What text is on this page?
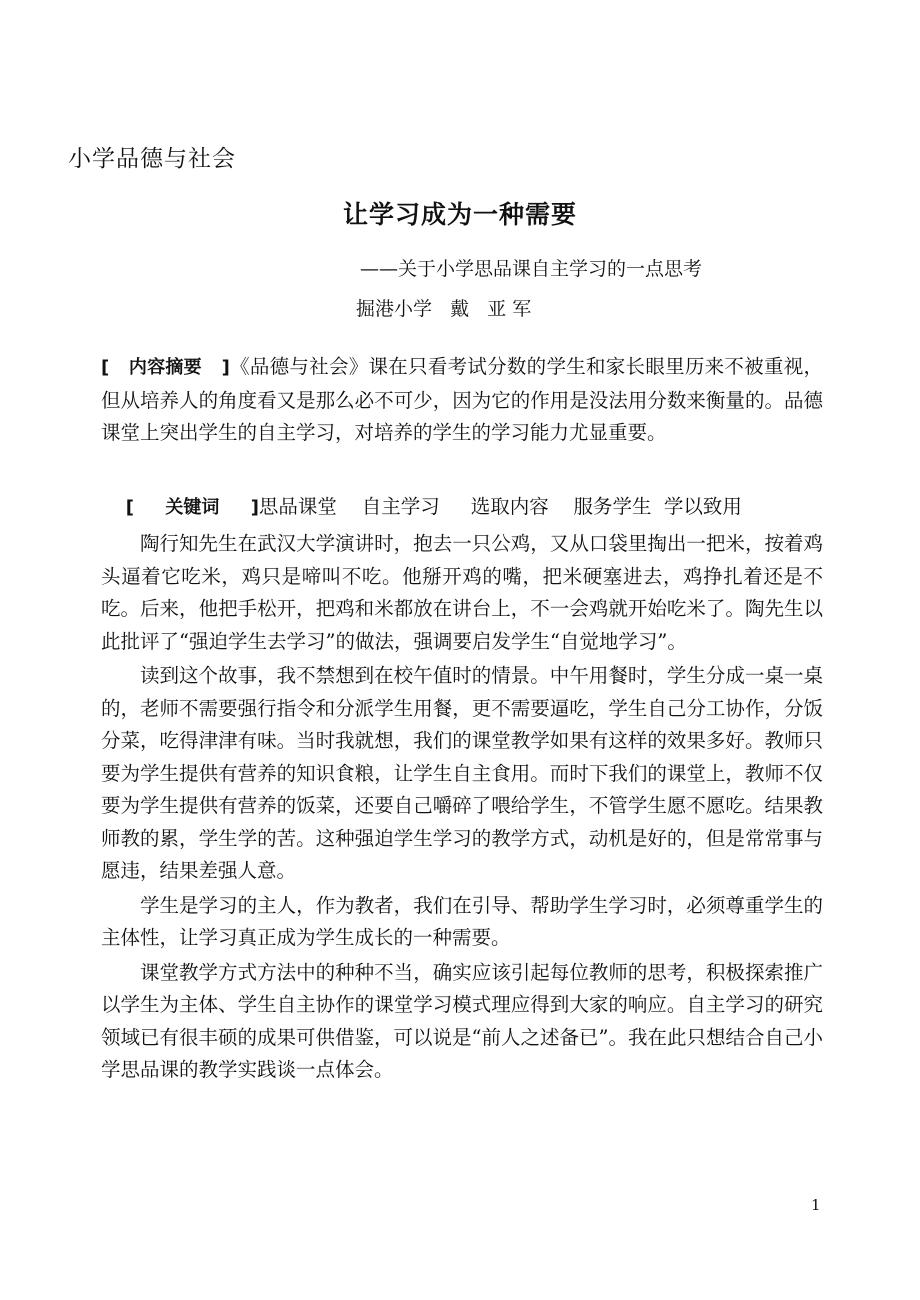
小学品德与社会
让学习成为一种需要
——关于小学思品课自主学习的一点思考
掘港小学   戴   亚 军
[   内容摘要   ]《品德与社会》课在只看考试分数的学生和家长眼里历来不被重视，但从培养人的角度看又是那么必不可少，因为它的作用是没法用分数来衡量的。品德课堂上突出学生的自主学习，对培养的学生的学习能力尤显重要。

[     关键词     ]思品课堂    自主学习     选取内容    服务学生  学以致用

陶行知先生在武汉大学演讲时，抱去一只公鸡，又从口袋里掏出一把米，按着鸡头逼着它吃米，鸡只是啼叫不吃。他掰开鸡的嘴，把米硬塞进去，鸡挣扎着还是不吃。后来，他把手松开，把鸡和米都放在讲台上，不一会鸡就开始吃米了。陶先生以此批评了“强迫学生去学习”的做法，强调要启发学生“自觉地学习”。

读到这个故事，我不禁想到在校午值时的情景。中午用餐时，学生分成一桌一桌的，老师不需要强行指令和分派学生用餐，更不需要逼吃，学生自己分工协作，分饭分菜，吃得津津有味。当时我就想，我们的课堂教学如果有这样的效果多好。教师只要为学生提供有营养的知识食粮，让学生自主食用。而时下我们的课堂上，教师不仅要为学生提供有营养的饭菜，还要自己嚼碎了喂给学生，不管学生愿不愿吃。结果教师教的累，学生学的苦。这种强迫学生学习的教学方式，动机是好的，但是常常事与愿违，结果差强人意。

学生是学习的主人，作为教者，我们在引导、帮助学生学习时，必须尊重学生的主体性，让学习真正成为学生成长的一种需要。

课堂教学方式方法中的种种不当，确实应该引起每位教师的思考，积极探索推广以学生为主体、学生自主协作的课堂学习模式理应得到大家的响应。自主学习的研究领域已有很丰硕的成果可供借鉴，可以说是“前人之述备已”。我在此只想结合自己小学思品课的教学实践谈一点体会。

1
